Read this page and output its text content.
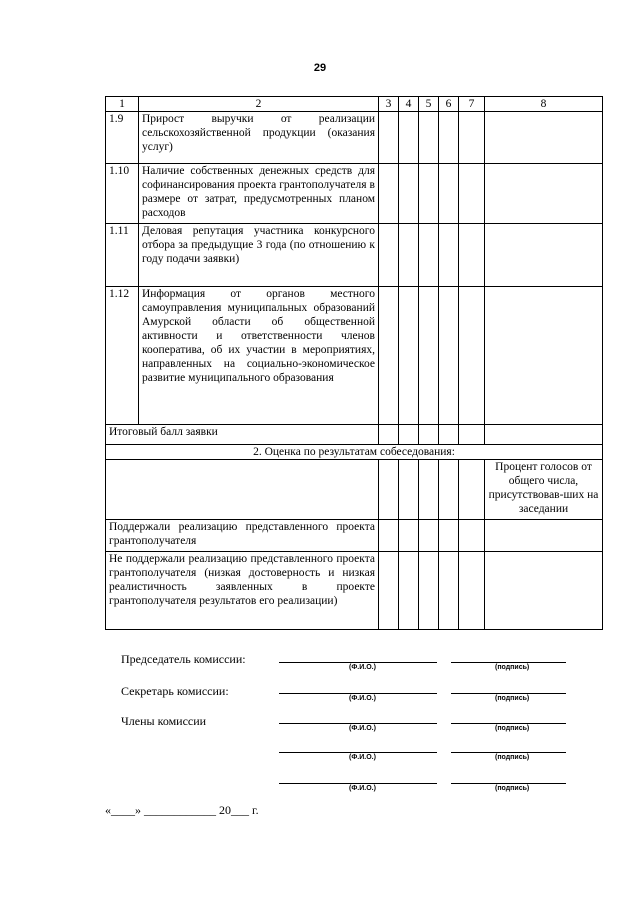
29
1	2	3	4	5	6	7	8
1.9	Прирост выручки от реализации сельскохозяйственной продукции (оказания услуг)						
1.10	Наличие собственных денежных средств для софинансирования проекта грантополучателя в размере от затрат, предусмотренных планом расходов						
1.11	Деловая репутация участника конкурсного отбора за предыдущие 3 года (по отношению к году подачи заявки)						
1.12	Информация от органов местного самоуправления муниципальных образований Амурской области об общественной активности и ответственности членов кооператива, об их участии в мероприятиях, направленных на социально-экономическое развитие муниципального образования						
Итоговый балл заявки							
2. Оценка по результатам собеседования:							
							Процент голосов от общего числа, присутствовав-ших на заседании
Поддержали реализацию представленного проекта грантополучателя							
Не поддержали реализацию представленного проекта грантополучателя (низкая достоверность и низкая реалистичность заявленных в проекте грантополучателя результатов его реализации)							
Председатель комиссии:
(Ф.И.О.)	(подпись)
Секретарь комиссии:
(Ф.И.О.)	(подпись)
Члены комиссии
(Ф.И.О.)	(подпись)
(Ф.И.О.)	(подпись)
(Ф.И.О.)	(подпись)
«____» ____________ 20___ г.
